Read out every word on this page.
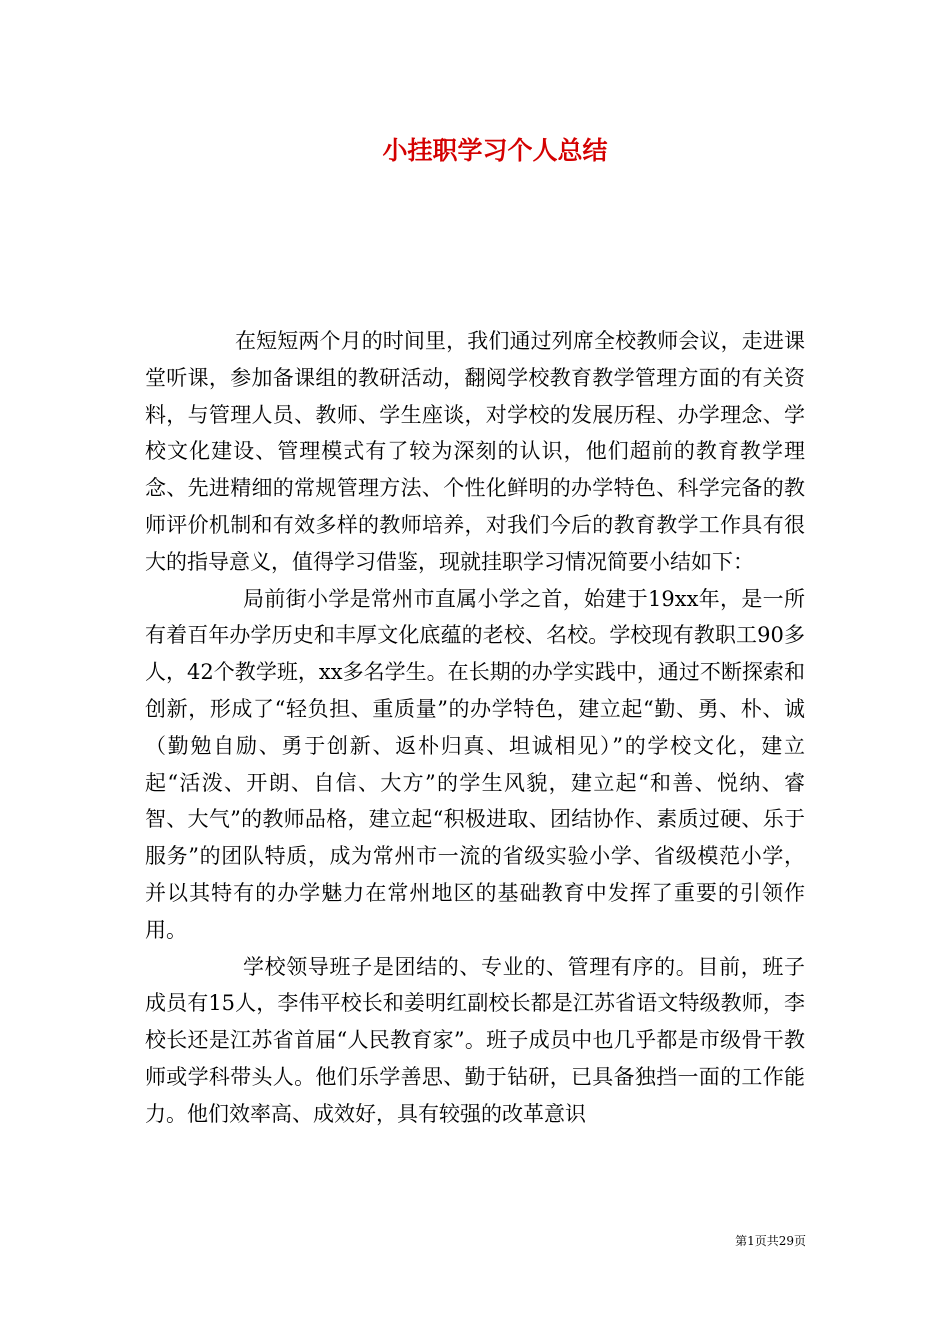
小挂职学习个人总结

在短短两个月的时间里，我们通过列席全校教师会议，走进课堂听课，参加备课组的教研活动，翻阅学校教育教学管理方面的有关资料，与管理人员、教师、学生座谈，对学校的发展历程、办学理念、学校文化建设、管理模式有了较为深刻的认识，他们超前的教育教学理念、先进精细的常规管理方法、个性化鲜明的办学特色、科学完备的教师评价机制和有效多样的教师培养，对我们今后的教育教学工作具有很大的指导意义，值得学习借鉴，现就挂职学习情况简要小结如下：

局前街小学是常州市直属小学之首，始建于19xx年，是一所有着百年办学历史和丰厚文化底蕴的老校、名校。学校现有教职工90多人，42个教学班，xx多名学生。在长期的办学实践中，通过不断探索和创新，形成了“轻负担、重质量”的办学特色，建立起“勤、勇、朴、诚（勤勉自励、勇于创新、返朴归真、坦诚相见）”的学校文化，建立起“活泼、开朗、自信、大方”的学生风貌，建立起“和善、悦纳、睿智、大气”的教师品格，建立起“积极进取、团结协作、素质过硬、乐于服务”的团队特质，成为常州市一流的省级实验小学、省级模范小学，并以其特有的办学魅力在常州地区的基础教育中发挥了重要的引领作用。

学校领导班子是团结的、专业的、管理有序的。目前，班子成员有15人，李伟平校长和姜明红副校长都是江苏省语文特级教师，李校长还是江苏省首届“人民教育家”。班子成员中也几乎都是市级骨干教师或学科带头人。他们乐学善思、勤于钻研，已具备独挡一面的工作能力。他们效率高、成效好，具有较强的改革意识

第1页共29页
